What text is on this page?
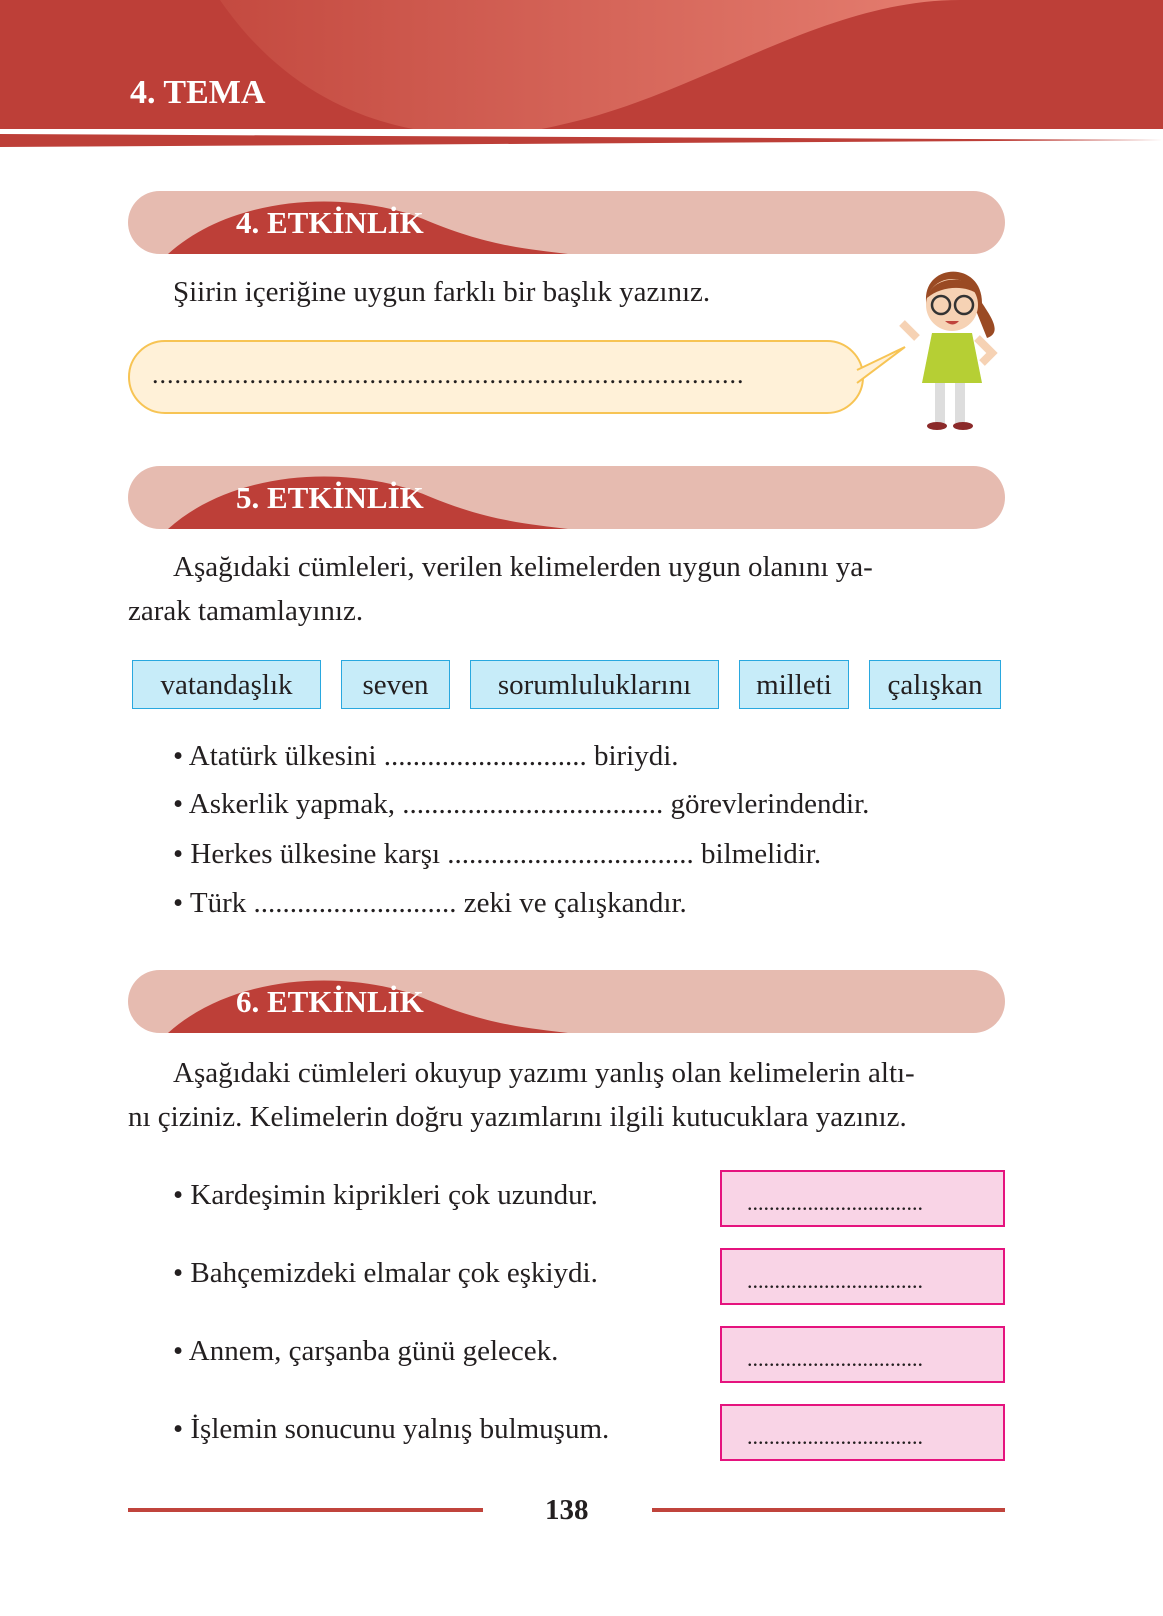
4. TEMA
4. ETKİNLİK
Şiirin içeriğine uygun farklı bir başlık yazınız.
...............................................................................
5. ETKİNLİK
Aşağıdaki cümleleri, verilen kelimelerden uygun olanını ya-
zarak tamamlayınız.
vatandaşlık	seven	sorumluluklarını	milleti	çalışkan
• Atatürk ülkesini ............................ biriydi.
• Askerlik yapmak, .................................... görevlerindendir.
• Herkes ülkesine karşı .................................. bilmelidir.
• Türk ............................ zeki ve çalışkandır.
6. ETKİNLİK
Aşağıdaki cümleleri okuyup yazımı yanlış olan kelimelerin altı-
nı çiziniz. Kelimelerin doğru yazımlarını ilgili kutucuklara yazınız.
• Kardeşimin kiprikleri çok uzundur.	................................
• Bahçemizdeki elmalar çok eşkiydi.	................................
• Annem, çarşanba günü gelecek.	................................
• İşlemin sonucunu yalnış bulmuşum.	................................
138
